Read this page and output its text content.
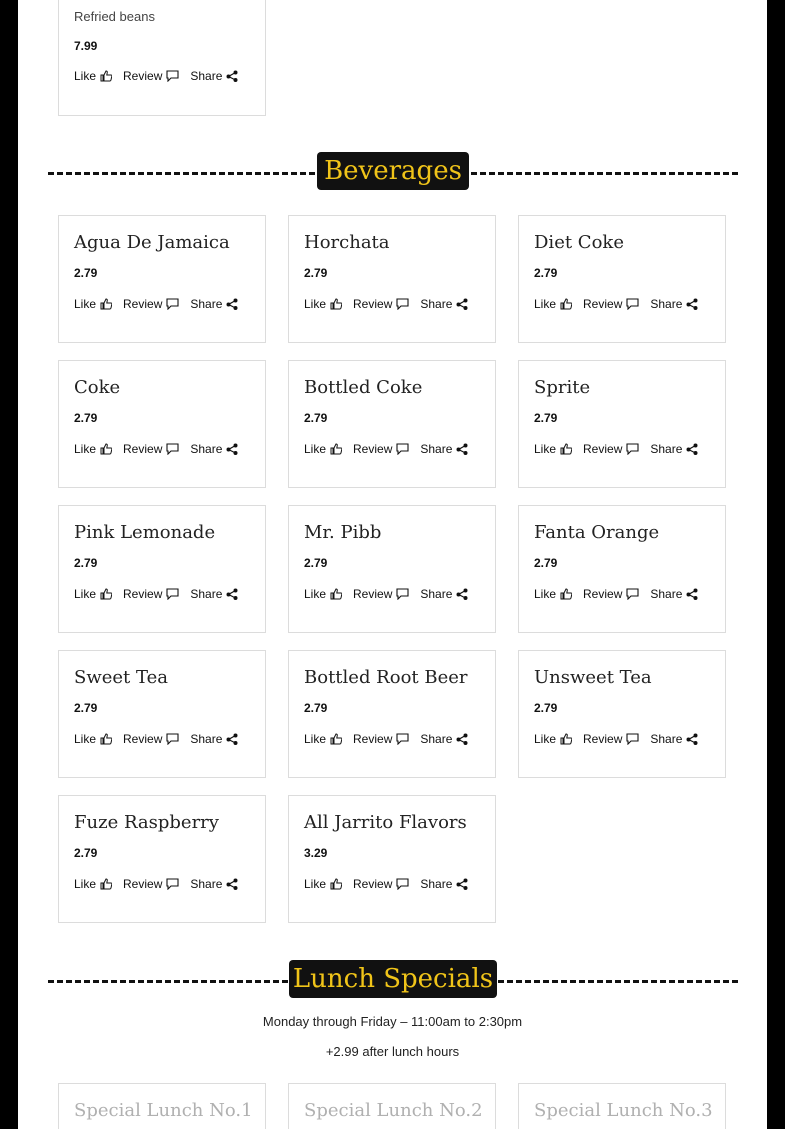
Refried beans
7.99
Like Review Share
Beverages
Agua De Jamaica
2.79
Like Review Share
Horchata
2.79
Like Review Share
Diet Coke
2.79
Like Review Share
Coke
2.79
Like Review Share
Bottled Coke
2.79
Like Review Share
Sprite
2.79
Like Review Share
Pink Lemonade
2.79
Like Review Share
Mr. Pibb
2.79
Like Review Share
Fanta Orange
2.79
Like Review Share
Sweet Tea
2.79
Like Review Share
Bottled Root Beer
2.79
Like Review Share
Unsweet Tea
2.79
Like Review Share
Fuze Raspberry
2.79
Like Review Share
All Jarrito Flavors
3.29
Like Review Share
Lunch Specials
Monday through Friday – 11:00am to 2:30pm
+2.99 after lunch hours
Special Lunch No.1	Special Lunch No.2	Special Lunch No.3
